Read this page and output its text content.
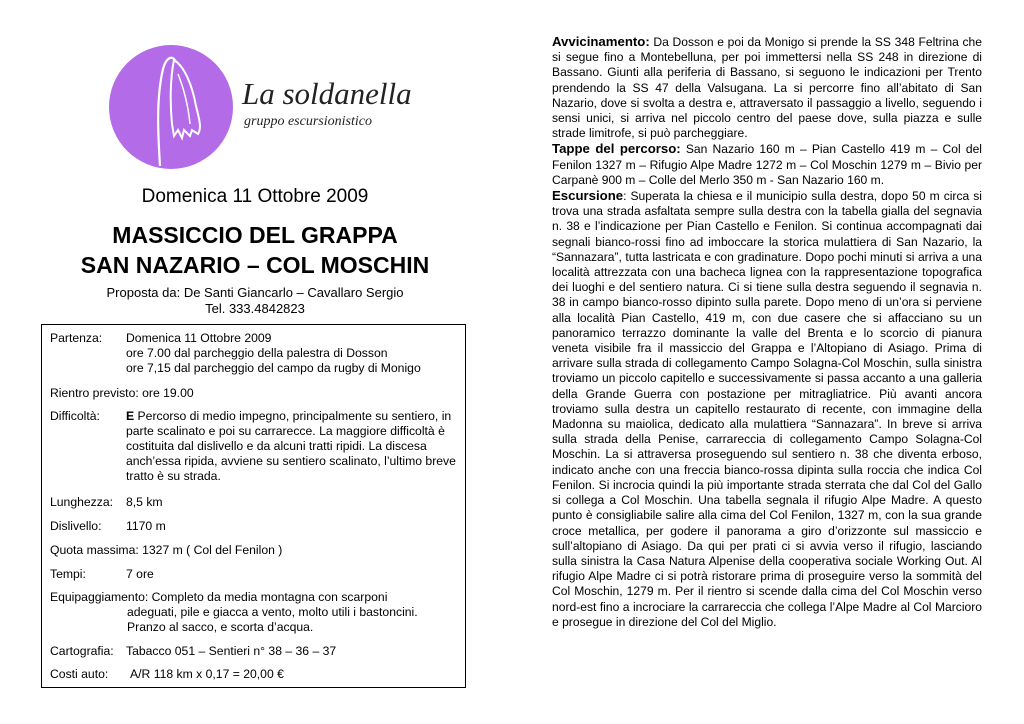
La soldanella
gruppo escursionistico
Domenica 11 Ottobre 2009
MASSICCIO DEL GRAPPA
SAN NAZARIO – COL MOSCHIN
Proposta da: De Santi Giancarlo – Cavallaro Sergio
Tel. 333.4842823
Partenza: Domenica 11 Ottobre 2009
ore 7.00 dal parcheggio della palestra di Dosson
ore 7,15 dal parcheggio del campo da rugby di Monigo
Rientro previsto: ore 19.00
Difficoltà: E Percorso di medio impegno, principalmente su sentiero, in parte scalinato e poi su carrarecce. La maggiore difficoltà è costituita dal dislivello e da alcuni tratti ripidi. La discesa anch’essa ripida, avviene su sentiero scalinato, l’ultimo breve tratto è su strada.
Lunghezza: 8,5 km
Dislivello: 1170 m
Quota massima: 1327 m ( Col del Fenilon )
Tempi:	7 ore
Equipaggiamento: Completo da media montagna con scarponi
adeguati, pile e giacca a vento, molto utili i bastoncini.
Pranzo al sacco, e scorta d’acqua.
Cartografia: Tabacco 051 – Sentieri n° 38 – 36 – 37
Costi auto: A/R 118 km x 0,17 = 20,00 €

Avvicinamento: Da Dosson e poi da Monigo si prende la SS 348 Feltrina che si segue fino a Montebelluna, per poi immettersi nella SS 248 in direzione di Bassano. Giunti alla periferia di Bassano, si seguono le indicazioni per Trento prendendo la SS 47 della Valsugana. La si percorre fino all’abitato di San Nazario, dove si svolta a destra e, attraversato il passaggio a livello, seguendo i sensi unici, si arriva nel piccolo centro del paese dove, sulla piazza e sulle strade limitrofe, si può parcheggiare.

Tappe del percorso: San Nazario 160 m – Pian Castello 419 m – Col del Fenilon 1327 m – Rifugio Alpe Madre 1272 m – Col Moschin 1279 m – Bivio per Carpanè 900 m – Colle del Merlo 350 m - San Nazario 160 m.

Escursione: Superata la chiesa e il municipio sulla destra, dopo 50 m circa si trova una strada asfaltata sempre sulla destra con la tabella gialla del segnavia n. 38 e l’indicazione per Pian Castello e Fenilon. Si continua accompagnati dai segnali bianco-rossi fino ad imboccare la storica mulattiera di San Nazario, la “Sannazara”, tutta lastricata e con gradinature. Dopo pochi minuti si arriva a una località attrezzata con una bacheca lignea con la rappresentazione topografica dei luoghi e del sentiero natura. Ci si tiene sulla destra seguendo il segnavia n. 38 in campo bianco-rosso dipinto sulla parete. Dopo meno di un’ora si perviene alla località Pian Castello, 419 m, con due casere che si affacciano su un panoramico terrazzo dominante la valle del Brenta e lo scorcio di pianura veneta visibile fra il massiccio del Grappa e l’Altopiano di Asiago. Prima di arrivare sulla strada di collegamento Campo Solagna-Col Moschin, sulla sinistra troviamo un piccolo capitello e successivamente si passa accanto a una galleria della Grande Guerra con postazione per mitragliatrice. Più avanti ancora troviamo sulla destra un capitello restaurato di recente, con immagine della Madonna su maiolica, dedicato alla mulattiera “Sannazara”. In breve si arriva sulla strada della Penise, carrareccia di collegamento Campo Solagna-Col Moschin. La si attraversa proseguendo sul sentiero n. 38 che diventa erboso, indicato anche con una freccia bianco-rossa dipinta sulla roccia che indica Col Fenilon. Si incrocia quindi la più importante strada sterrata che dal Col del Gallo si collega a Col Moschin. Una tabella segnala il rifugio Alpe Madre. A questo punto è consigliabile salire alla cima del Col Fenilon, 1327 m, con la sua grande croce metallica, per godere il panorama a giro d’orizzonte sul massiccio e sull’altopiano di Asiago. Da qui per prati ci si avvia verso il rifugio, lasciando sulla sinistra la Casa Natura Alpenise della cooperativa sociale Working Out. Al rifugio Alpe Madre ci si potrà ristorare prima di proseguire verso la sommità del Col Moschin, 1279 m. Per il rientro si scende dalla cima del Col Moschin verso nord-est fino a incrociare la carrareccia che collega l’Alpe Madre al Col Marcioro e prosegue in direzione del Col del Miglio.
